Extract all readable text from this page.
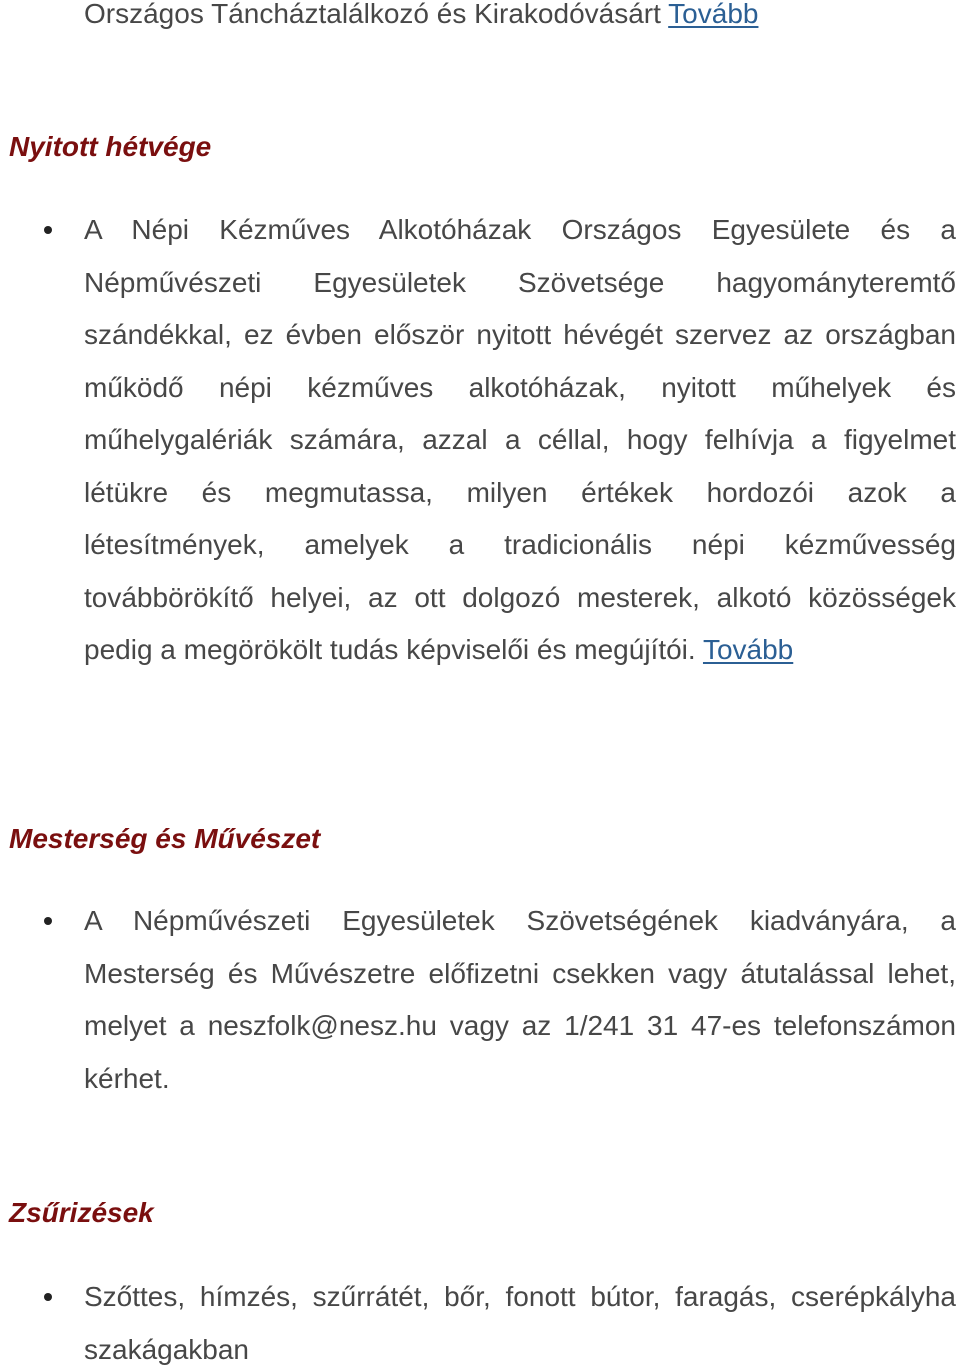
Országos Táncháztalálkozó és Kirakodóvásárt Tovább
Nyitott hétvége

A Népi Kézműves Alkotóházak Országos Egyesülete és a Népművészeti Egyesületek Szövetsége hagyományteremtő szándékkal, ez évben először nyitott hévégét szervez az országban működő népi kézműves alkotóházak, nyitott műhelyek és műhelygalériák számára, azzal a céllal, hogy felhívja a figyelmet létükre és megmutassa, milyen értékek hordozói azok a létesítmények, amelyek a tradicionális népi kézművesség továbbörökítő helyei, az ott dolgozó mesterek, alkotó közösségek pedig a megörökölt tudás képviselői és megújítói. Tovább

Mesterség és Művészet

A Népművészeti Egyesületek Szövetségének kiadványára, a Mesterség és Művészetre előfizetni csekken vagy átutalással lehet, melyet a neszfolk@nesz.hu vagy az 1/241 31 47-es telefonszámon kérhet.

Zsűrizések

Szőttes, hímzés, szűrrátét, bőr, fonott bútor, faragás, cserépkályha szakágakban
